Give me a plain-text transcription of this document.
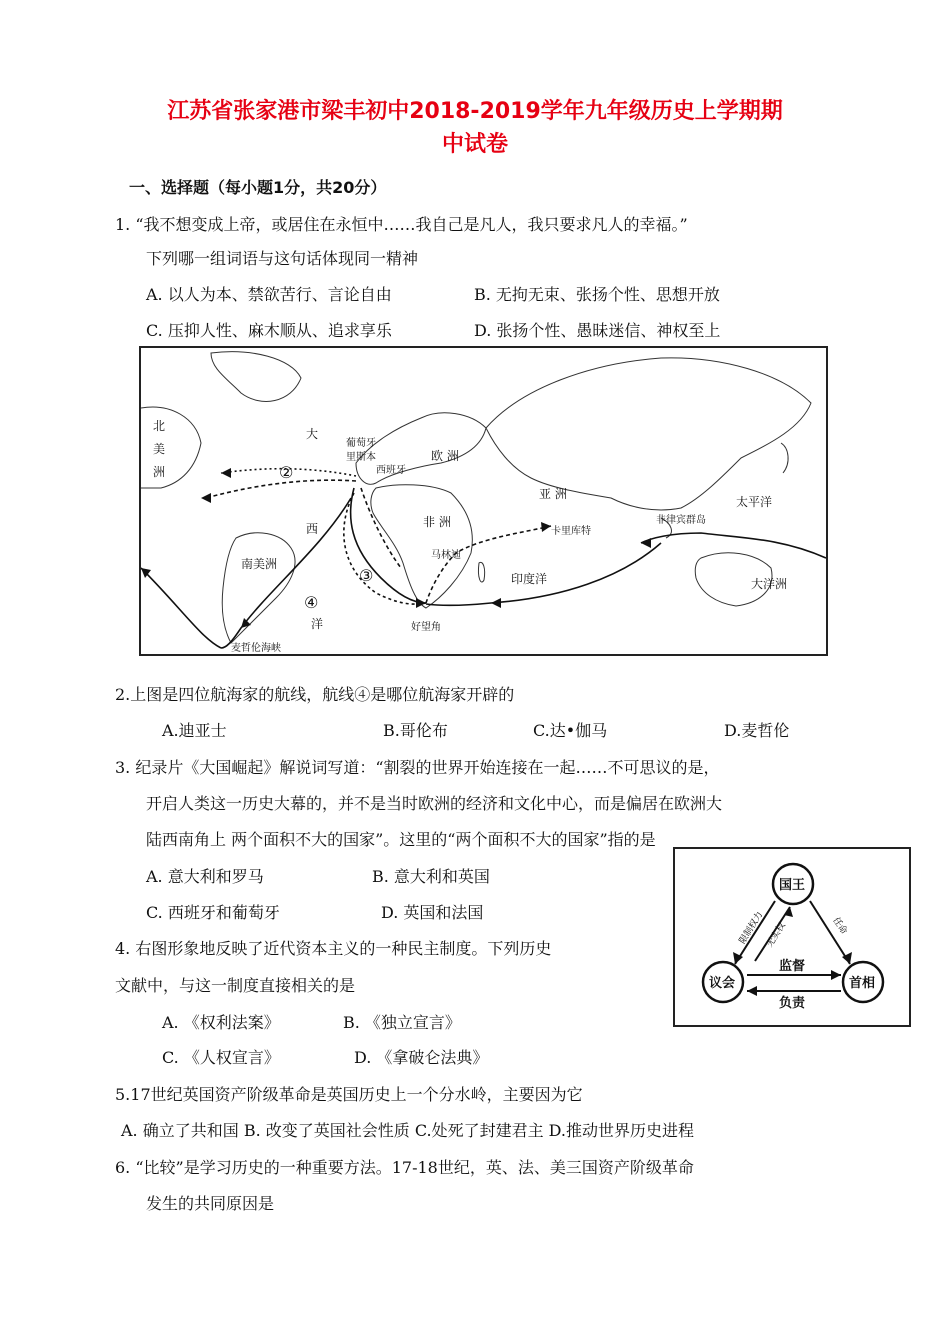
江苏省张家港市梁丰初中2018-2019学年九年级历史上学期期
中试卷
一、选择题（每小题1分，共20分）
1. “我不想变成上帝，或居住在永恒中……我自己是凡人，我只要求凡人的幸福。”
下列哪一组词语与这句话体现同一精神
A. 以人为本、禁欲苦行、言论自由	B. 无拘无束、张扬个性、思想开放
C. 压抑人性、麻木顺从、追求享乐	D. 张扬个性、愚昧迷信、神权至上
北
美
洲
大
西
洋
葡萄牙
里斯本
西班牙
欧 洲
亚 洲
非 洲
南美洲
太平洋
印度洋	大洋洲
非律宾群岛
卡里库特
马林迪
好望角
麦哲伦海峡
②
③
④
2.上图是四位航海家的航线，航线④是哪位航海家开辟的
A.迪亚士	B.哥伦布	C.达•伽马	D.麦哲伦
3. 纪录片《大国崛起》解说词写道：“割裂的世界开始连接在一起……不可思议的是，
开启人类这一历史大幕的，并不是当时欧洲的经济和文化中心，而是偏居在欧洲大
陆西南角上 两个面积不大的国家”。这里的“两个面积不大的国家”指的是
A. 意大利和罗马	B. 意大利和英国
C. 西班牙和葡萄牙	D. 英国和法国
国王
议会	首相
限制权力	任命
无实权
监督
负责
4. 右图形象地反映了近代资本主义的一种民主制度。下列历史
文献中，与这一制度直接相关的是
A. 《权利法案》	B. 《独立宣言》
C. 《人权宣言》	D. 《拿破仑法典》
5.17世纪英国资产阶级革命是英国历史上一个分水岭，主要因为它
A. 确立了共和国 B. 改变了英国社会性质 C.处死了封建君主 D.推动世界历史进程
6. “比较”是学习历史的一种重要方法。17-18世纪，英、法、美三国资产阶级革命
发生的共同原因是
